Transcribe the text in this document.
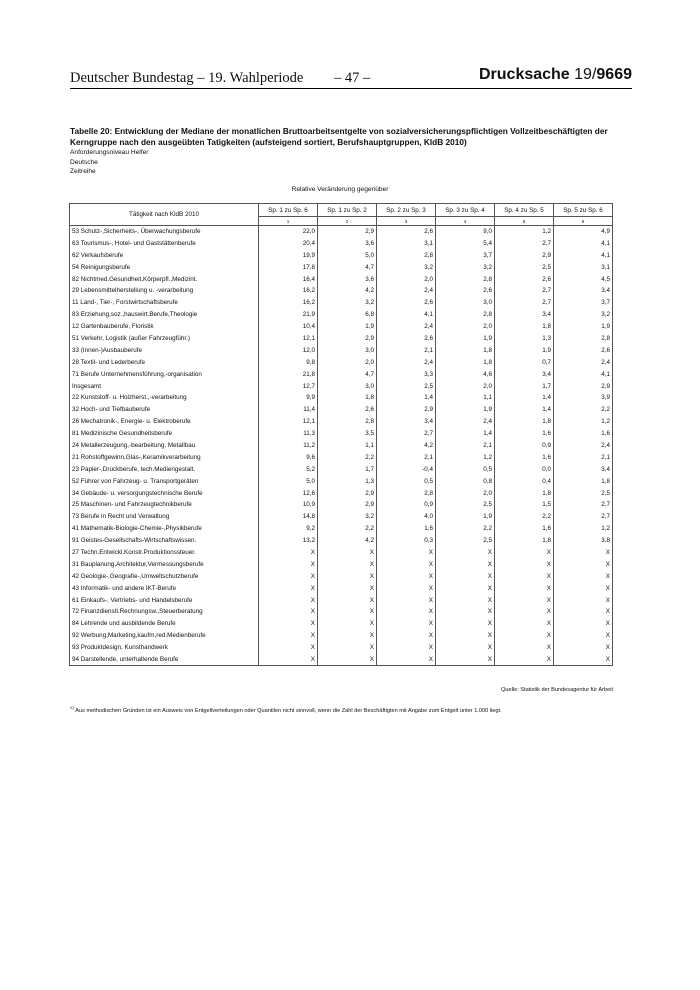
Deutscher Bundestag – 19. Wahlperiode – 47 –	Drucksache 19/9669
Tabelle 20: Entwicklung der Mediane der monatlichen Bruttoarbeitsentgelte von sozialversicherungspflichtigen Vollzeitbeschäftigten der Kerngruppe nach den ausgeübten Tatigkeiten (aufsteigend sortiert, Berufshauptgruppen, KldB 2010)
Anforderungsniveau Helfer
Deutsche
Zeitreihe
Relative Veränderung gegenüber
Tätigkeit nach KldB 2010	Sp. 1 zu Sp. 6	Sp. 1 zu Sp. 2	Sp. 2 zu Sp. 3	Sp. 3 zu Sp. 4	Sp. 4 zu Sp. 5	Sp. 5 zu Sp. 6
	1	2	3	4	5	6
53 Schutz-,Sicherheits-, Überwachungsberufe	22,0	2,9	2,6	9,0	1,2	4,9
63 Tourismus-, Hotel- und Gaststättenberufe	20,4	3,6	3,1	5,4	2,7	4,1
62 Verkaufsberufe	19,9	5,0	2,8	3,7	2,9	4,1
54 Reinigungsberufe	17,8	4,7	3,2	3,2	2,5	3,1
82 Nichtmed.Gesundheit,Körperpfl.,Medizint.	16,4	3,6	2,0	2,8	2,6	4,5
29 Lebensmittelherstellung u. -verarbeitung	16,2	4,2	2,4	2,6	2,7	3,4
11 Land-, Tier-, Forstwirtschaftsberufe	16,2	3,2	2,6	3,0	2,7	3,7
83 Erziehung,soz.,hauswirt.Berufe,Theologie	21,9	6,8	4,1	2,8	3,4	3,2
12 Gartenbauberufe, Floristik	10,4	1,9	2,4	2,0	1,8	1,9
51 Verkehr, Logistik (außer Fahrzeugführ.)	12,1	2,9	2,6	1,9	1,3	2,8
33 (Innen-)Ausbauberufe	12,0	3,0	2,1	1,8	1,9	2,6
28 Textil- und Lederberufe	9,8	2,0	2,4	1,8	0,7	2,4
71 Berufe Unternehmensführung,-organisation	21,8	4,7	3,3	4,6	3,4	4,1
Insgesamt	12,7	3,0	2,5	2,0	1,7	2,9
22 Kunststoff- u. Holzherst.,-verarbeitung	9,9	1,8	1,4	1,1	1,4	3,9
32 Hoch- und Tiefbauberufe	11,4	2,6	2,9	1,9	1,4	2,2
26 Mechatronik-, Energie- u. Elektroberufe	12,1	2,8	3,4	2,4	1,8	1,2
81 Medizinische Gesundheitsberufe	11,3	3,5	2,7	1,4	1,6	1,6
24 Metallerzeugung,-bearbeitung, Metallbau	11,2	1,1	4,2	2,1	0,9	2,4
21 Rohstoffgewinn,Glas-,Keramikverarbeitung	9,6	2,2	2,1	1,2	1,6	2,1
23 Papier-,Druckberufe, tech.Mediengestalt.	5,2	1,7	-0,4	0,5	0,0	3,4
52 Führer von Fahrzeug- u. Transportgeräten	5,0	1,3	0,5	0,8	0,4	1,8
34 Gebäude- u. versorgungstechnische Berufe	12,6	2,9	2,8	2,0	1,8	2,5
25 Maschinen- und Fahrzeugtechnikberufe	10,9	2,9	0,9	2,5	1,5	2,7
73 Berufe in Recht und Verwaltung	14,8	3,2	4,0	1,9	2,2	2,7
41 Mathematik-Biologie-Chemie-,Physikberufe	9,2	2,2	1,6	2,2	1,6	1,2
91 Geistes-Gesellschafts-Wirtschaftswissen.	13,2	4,2	0,3	2,5	1,8	3,8
27 Techn.Entwickl.Konstr.Produktionssteuer.	X	X	X	X	X	X
31 Bauplanung,Architektur,Vermessungsberufe	X	X	X	X	X	X
42 Geologie-,Geografie-,Umweltschutzberufe	X	X	X	X	X	X
43 Informatik- und andere IKT-Berufe	X	X	X	X	X	X
61 Einkaufs-, Vertriebs- und Handelsberufe	X	X	X	X	X	X
72 Finanzdienstl.Rechnungsw.,Steuerberatung	X	X	X	X	X	X
84 Lehrende und ausbildende Berufe	X	X	X	X	X	X
92 Werbung,Marketing,kaufm,red.Medienberufe	X	X	X	X	X	X
93 Produktdesign, Kunsthandwerk	X	X	X	X	X	X
94 Darstellende, unterhaltende Berufe	X	X	X	X	X	X
Quelle: Statistik der Bundesagentur für Arbeit
$^{X)}$ Aus methodischen Gründen ist ein Ausweis von Entgeltverteilungen oder Quantilen nicht sinnvoll, wenn die Zahl der Beschäftigten mit Angabe zum Entgelt unter 1.000 liegt.
